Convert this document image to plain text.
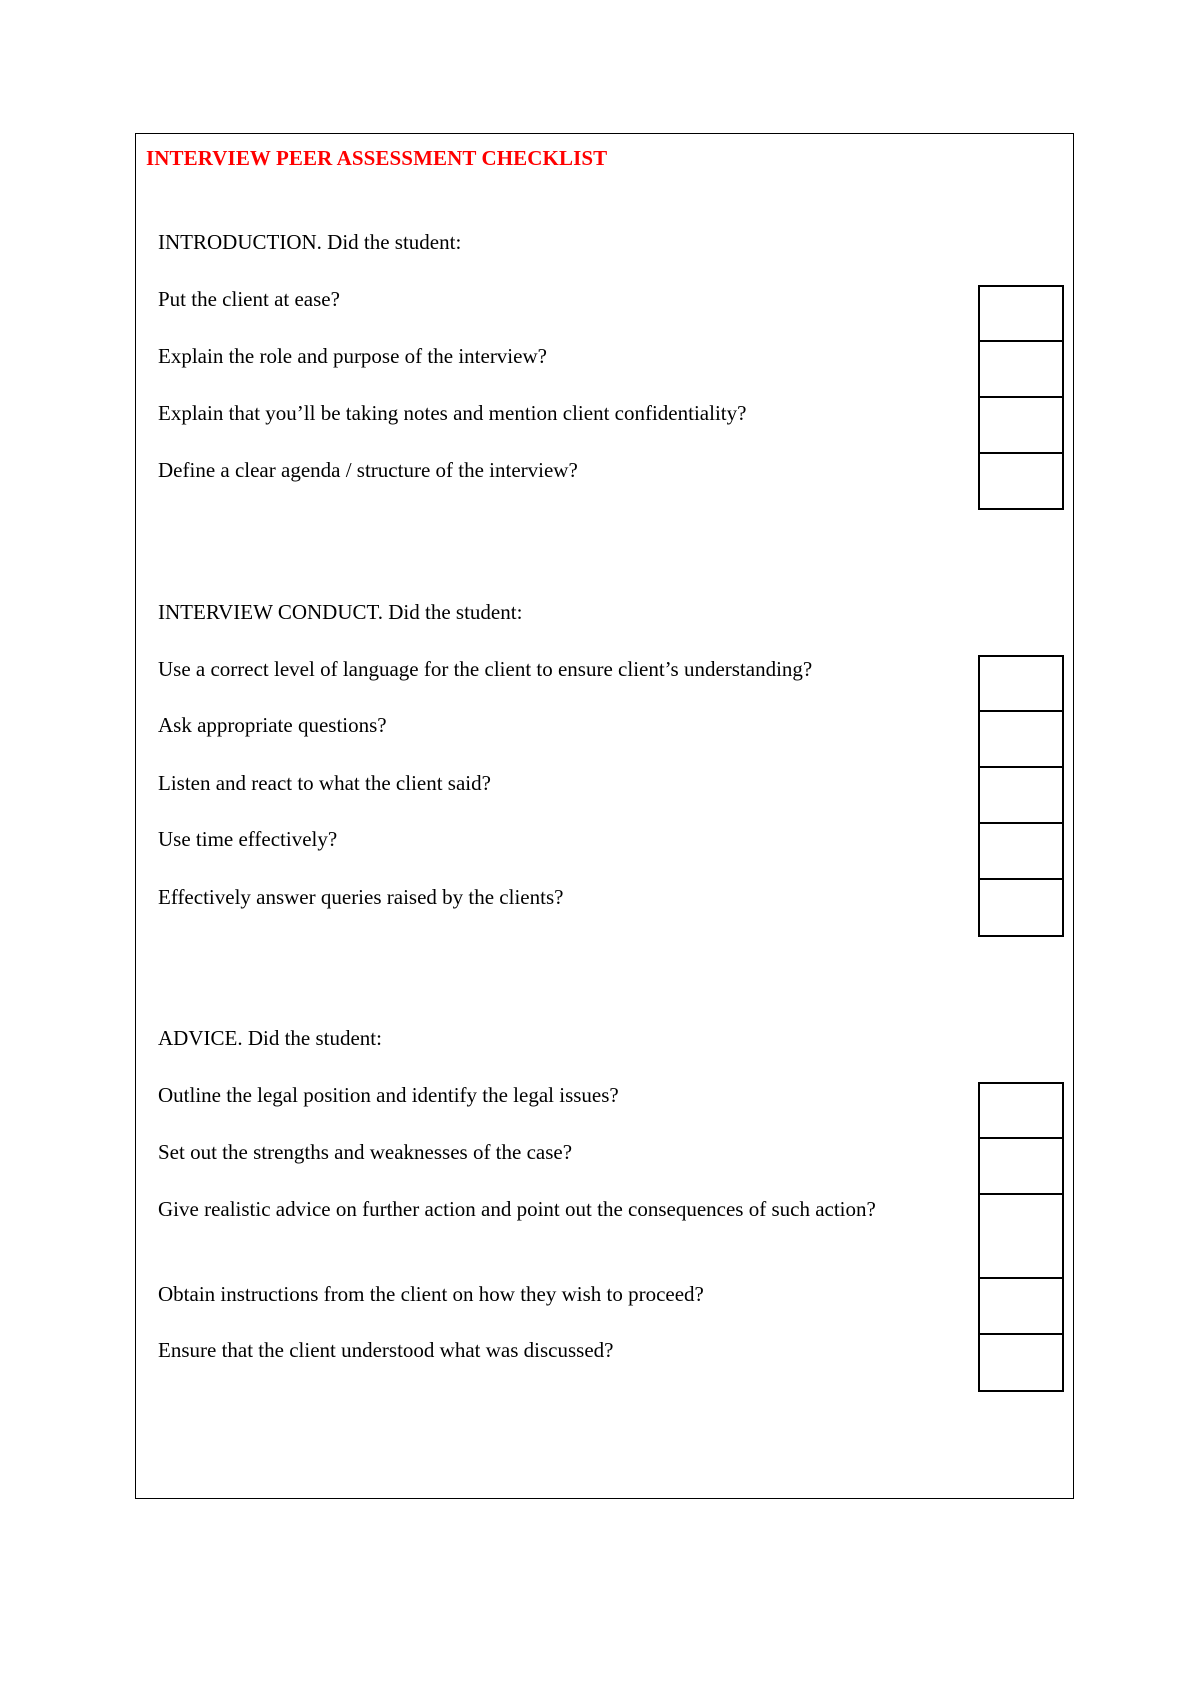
INTERVIEW PEER ASSESSMENT CHECKLIST
INTRODUCTION. Did the student:
Put the client at ease?
Explain the role and purpose of the interview?
Explain that you’ll be taking notes and mention client confidentiality?
Define a clear agenda / structure of the interview?
INTERVIEW CONDUCT. Did the student:
Use a correct level of language for the client to ensure client’s understanding?
Ask appropriate questions?
Listen and react to what the client said?
Use time effectively?
Effectively answer queries raised by the clients?
ADVICE. Did the student:
Outline the legal position and identify the legal issues?
Set out the strengths and weaknesses of the case?
Give realistic advice on further action and point out the consequences of such action?
Obtain instructions from the client on how they wish to proceed?
Ensure that the client understood what was discussed?
